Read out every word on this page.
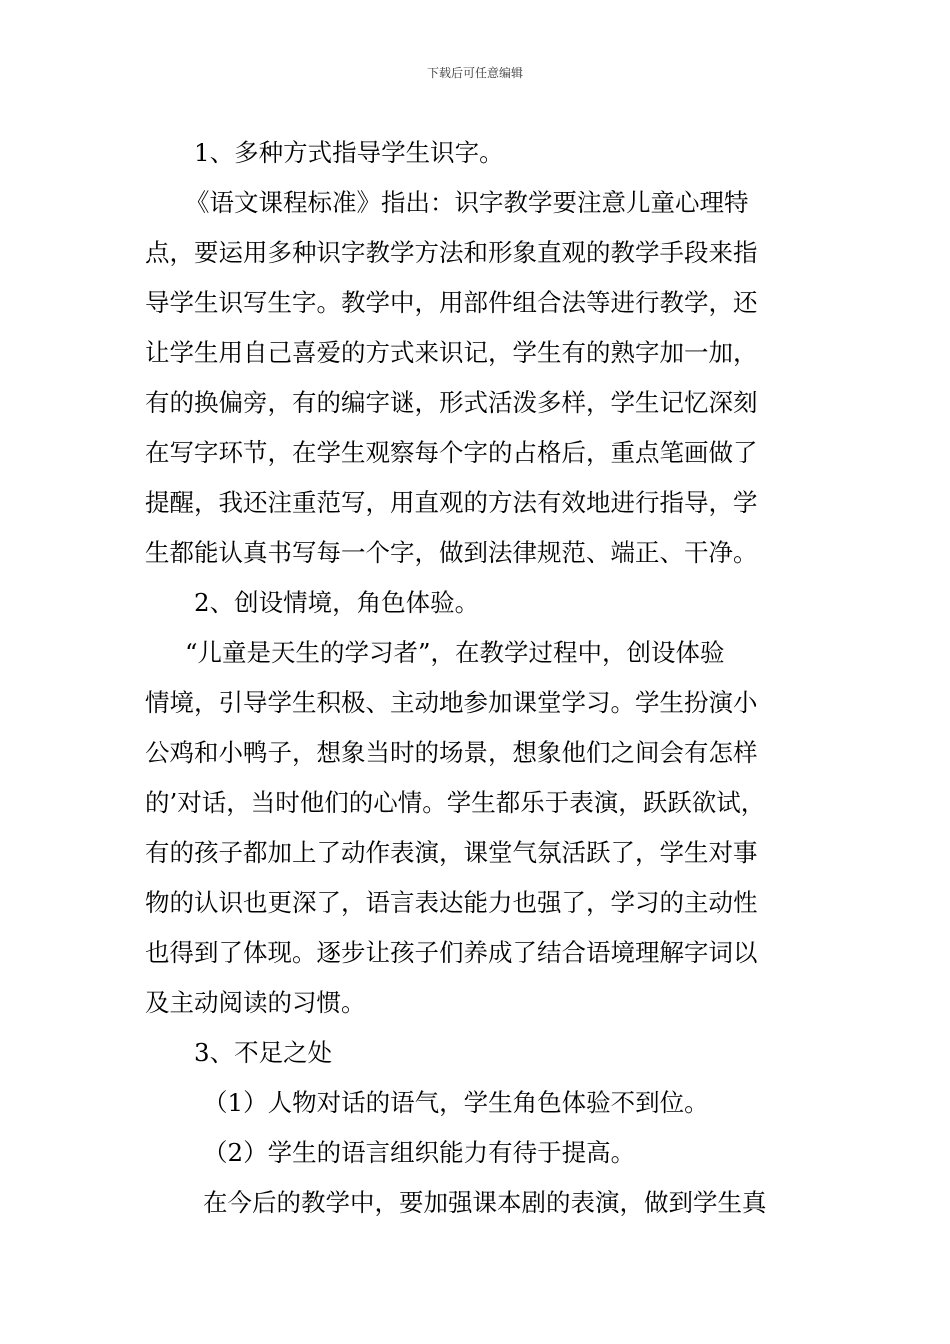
下载后可任意编辑
1、多种方式指导学生识字。
《语文课程标准》指出：识字教学要注意儿童心理特
点，要运用多种识字教学方法和形象直观的教学手段来指
导学生识写生字。教学中，用部件组合法等进行教学，还
让学生用自己喜爱的方式来识记，学生有的熟字加一加，
有的换偏旁，有的编字谜，形式活泼多样，学生记忆深刻
在写字环节，在学生观察每个字的占格后，重点笔画做了
提醒，我还注重范写，用直观的方法有效地进行指导，学
生都能认真书写每一个字，做到法律规范、端正、干净。
2、创设情境，角色体验。
“儿童是天生的学习者”，在教学过程中，创设体验
情境，引导学生积极、主动地参加课堂学习。学生扮演小
公鸡和小鸭子，想象当时的场景，想象他们之间会有怎样
的’对话，当时他们的心情。学生都乐于表演，跃跃欲试，
有的孩子都加上了动作表演，课堂气氛活跃了，学生对事
物的认识也更深了，语言表达能力也强了，学习的主动性
也得到了体现。逐步让孩子们养成了结合语境理解字词以
及主动阅读的习惯。
3、不足之处
（1）人物对话的语气，学生角色体验不到位。
（2）学生的语言组织能力有待于提高。
在今后的教学中，要加强课本剧的表演，做到学生真
